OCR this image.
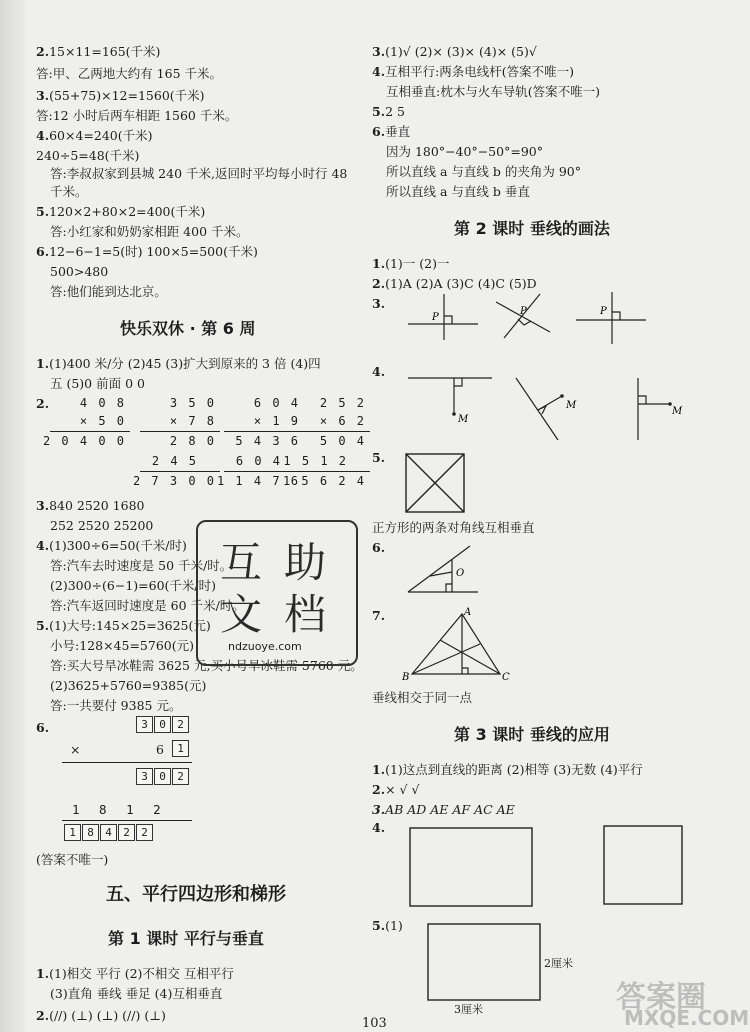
2.15×11=165(千米)
答:甲、乙两地大约有 165 千米。
3.(55+75)×12=1560(千米)
答:12 小时后两车相距 1560 千米。
4.60×4=240(千米)
240÷5=48(千米)
答:李叔叔家到县城 240 千米,返回时平均每小时行 48
千米。
5.120×2+80×2=400(千米)
答:小红家和奶奶家相距 400 千米。
6.12−6−1=5(时) 100×5=500(千米)
500>480
答:他们能到达北京。
快乐双休 · 第 6 周
1.(1)400 米/分 (2)45 (3)扩大到原来的 3 倍 (4)四
五 (5)0 前面 0 0
2.	4 0 8
× 5 0
2 0 4 0 0
3 5 0
× 7 8
2 8 0
2 4 5
2 7 3 0 0
6 0 4
× 1 9
5 4 3 6
6 0 4
1 1 4 7 6
2 5 2
× 6 2
5 0 4
1 5 1 2
1 5 6 2 4
3.840 2520 1680
252 2520 25200
4.(1)300÷6=50(千米/时)
答:汽车去时速度是 50 千米/时。
(2)300÷(6−1)=60(千米/时)
答:汽车返回时速度是 60 千米/时。
5.(1)大号:145×25=3625(元)
小号:128×45=5760(元)
答:买大号旱冰鞋需 3625 元,买小号旱冰鞋需 5760 元。
(2)3625+5760=9385(元)
答:一共要付 9385 元。
6.	3	0	2
×	6	1
3	0	2
1 8 1 2
1	8	4	2	2
(答案不唯一)
五、平行四边形和梯形
第 1 课时 平行与垂直
1.(1)相交 平行 (2)不相交 互相平行
(3)直角 垂线 垂足 (4)互相垂直
2.(//) (⊥) (⊥) (//) (⊥)
互 助
文 档
ndzuoye.com
3.(1)√ (2)× (3)× (4)× (5)√
4.互相平行:两条电线杆(答案不唯一)
互相垂直:枕木与火车导轨(答案不唯一)
5.2 5
6.垂直
因为 180°−40°−50°=90°
所以直线 a 与直线 b 的夹角为 90°
所以直线 a 与直线 b 垂直
第 2 课时 垂线的画法
1.(1)一 (2)一
2.(1)A (2)A (3)C (4)C (5)D
3.
P
P	P
4.
M
M
M
5.
正方形的两条对角线互相垂直
6.
O
7.	A
B	C
垂线相交于同一点
第 3 课时 垂线的应用
1.(1)这点到直线的距离 (2)相等 (3)无数 (4)平行
2.× √ √
3.AB AD AE AF AC AE
4.
5.(1)
2厘米
3厘米
103
答案圈
MXQE.COM
